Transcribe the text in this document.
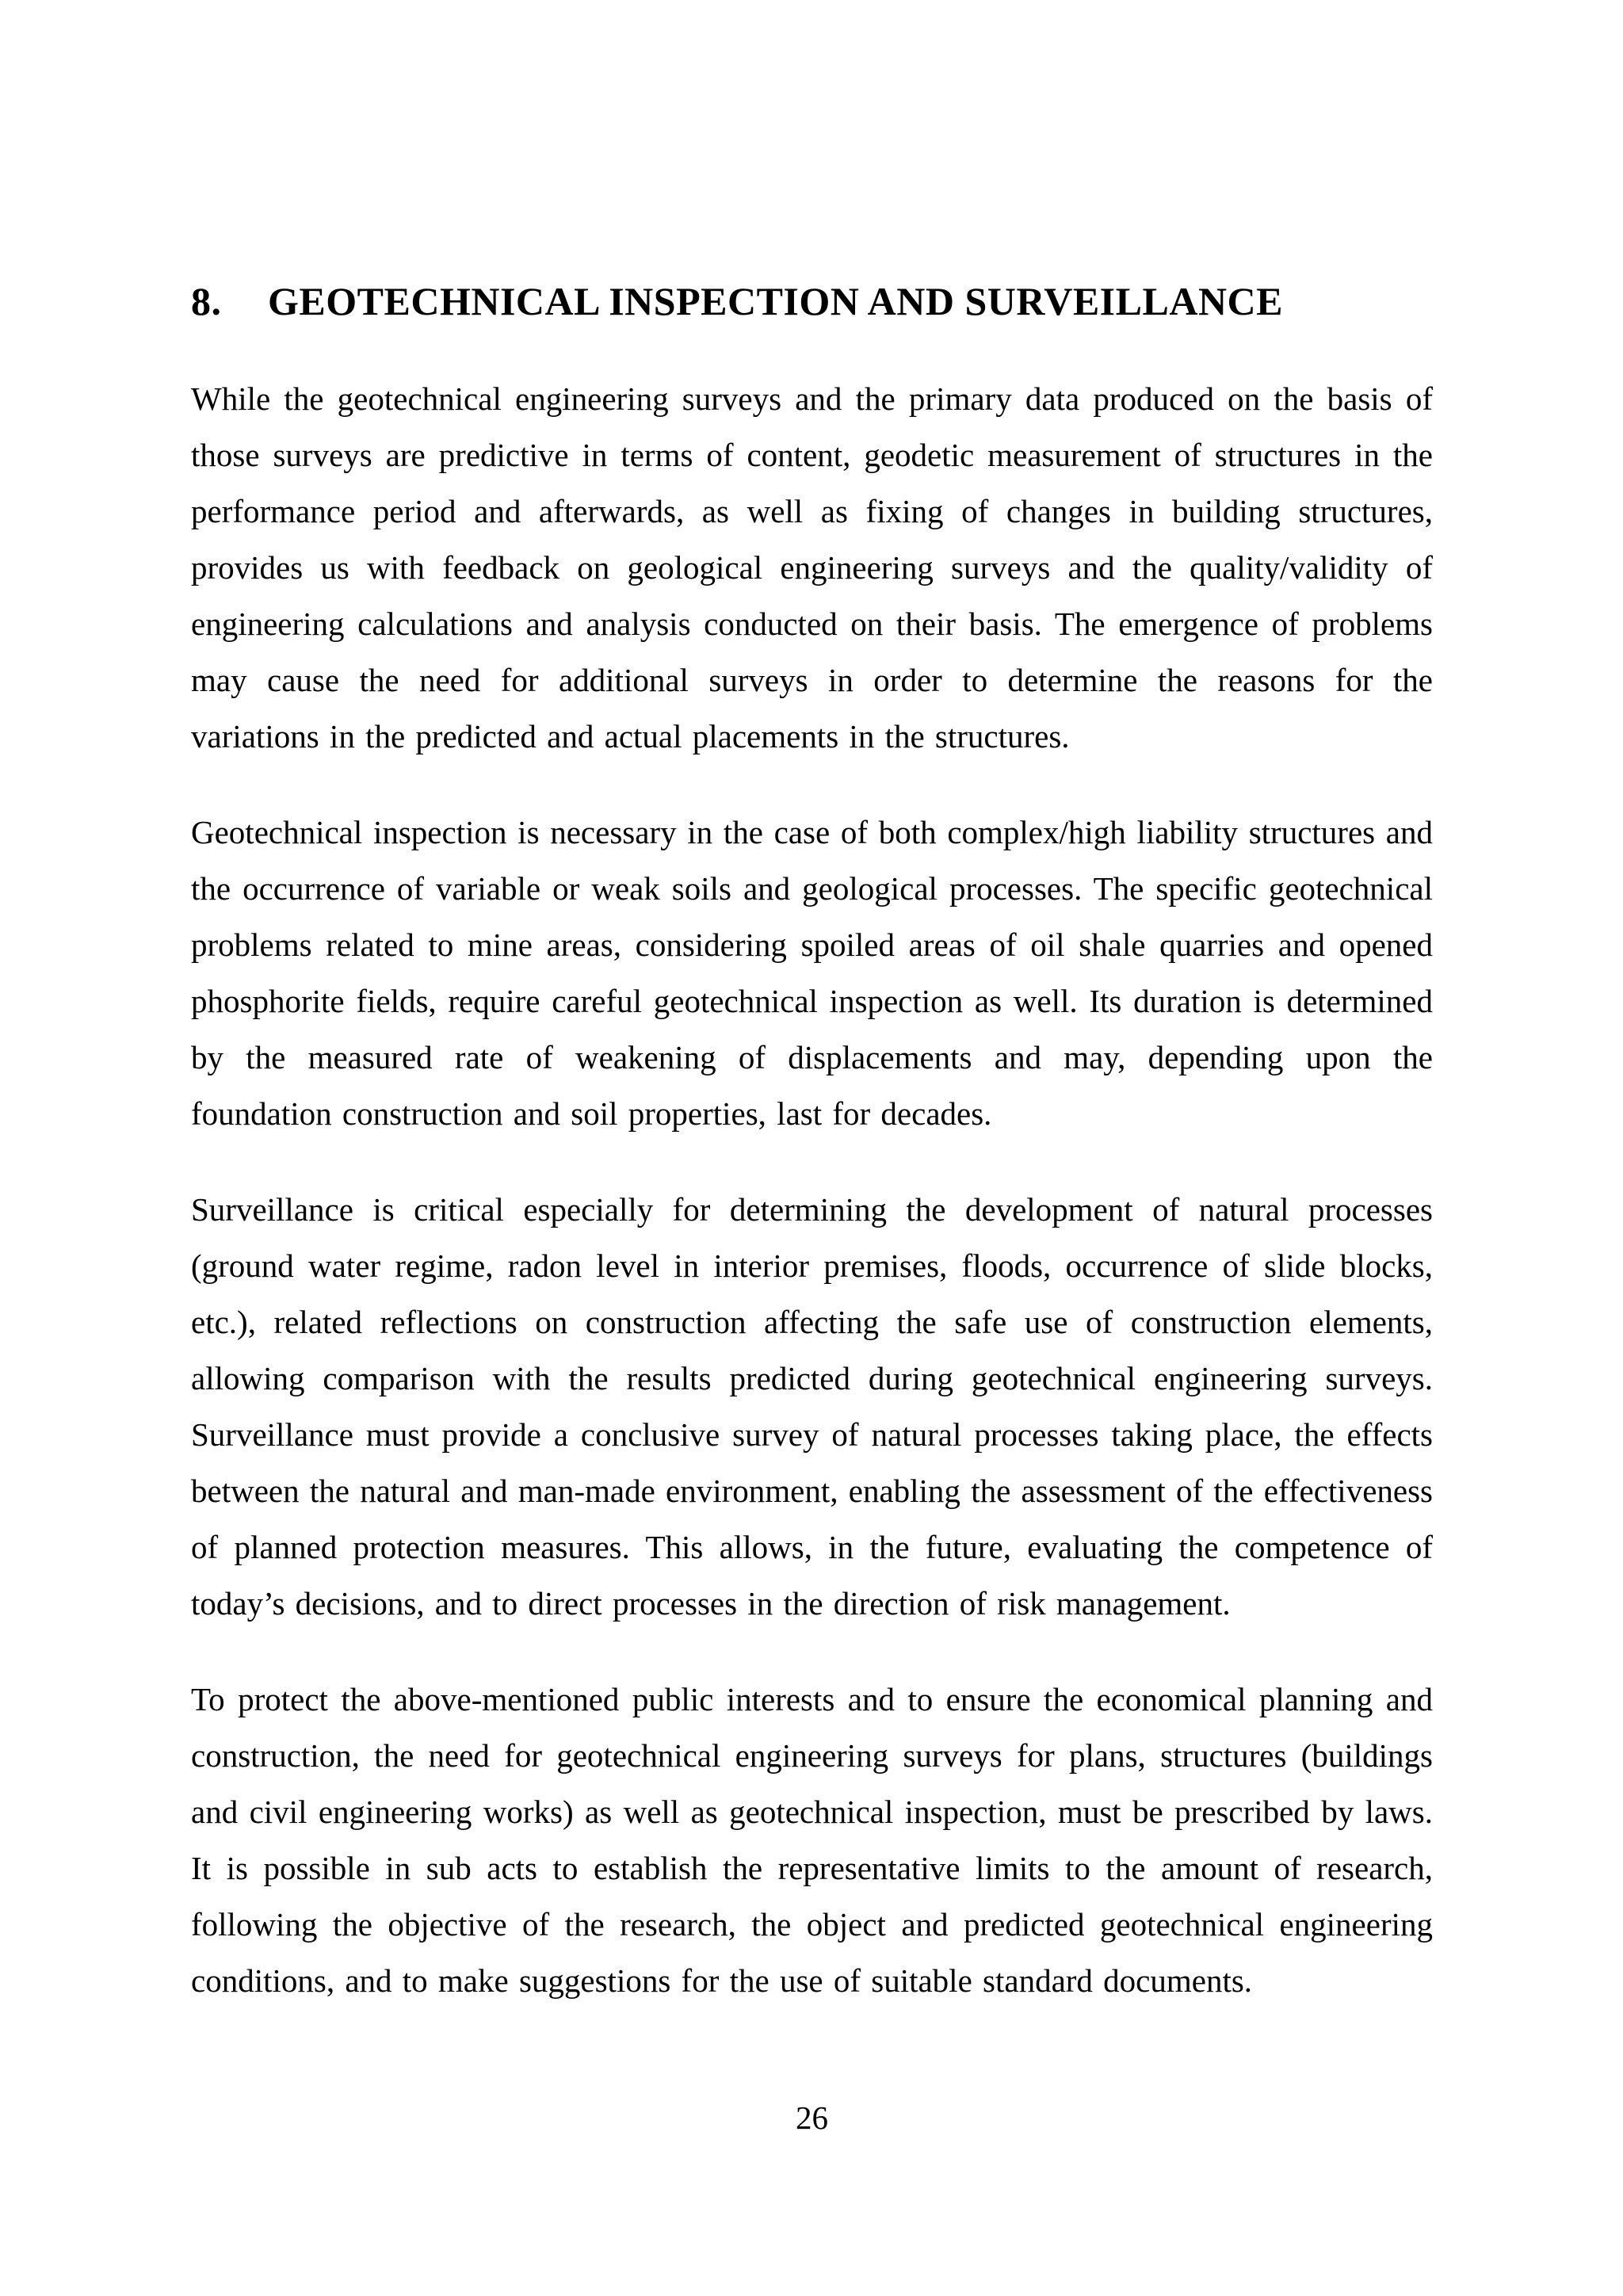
8.	GEOTECHNICAL INSPECTION AND SURVEILLANCE

While the geotechnical engineering surveys and the primary data produced on the basis of those surveys are predictive in terms of content, geodetic measurement of structures in the performance period and afterwards, as well as fixing of changes in building structures, provides us with feedback on geological engineering surveys and the quality/validity of engineering calculations and analysis conducted on their basis. The emergence of problems may cause the need for additional surveys in order to determine the reasons for the variations in the predicted and actual placements in the structures.

Geotechnical inspection is necessary in the case of both complex/high liability structures and the occurrence of variable or weak soils and geological processes. The specific geotechnical problems related to mine areas, considering spoiled areas of oil shale quarries and opened phosphorite fields, require careful geotechnical inspection as well. Its duration is determined by the measured rate of weakening of displacements and may, depending upon the foundation construction and soil properties, last for decades.

Surveillance is critical especially for determining the development of natural processes (ground water regime, radon level in interior premises, floods, occurrence of slide blocks, etc.), related reflections on construction affecting the safe use of construction elements, allowing comparison with the results predicted during geotechnical engineering surveys. Surveillance must provide a conclusive survey of natural processes taking place, the effects between the natural and man-made environment, enabling the assessment of the effectiveness of planned protection measures. This allows, in the future, evaluating the competence of today’s decisions, and to direct processes in the direction of risk management.

To protect the above-mentioned public interests and to ensure the economical planning and construction, the need for geotechnical engineering surveys for plans, structures (buildings and civil engineering works) as well as geotechnical inspection, must be prescribed by laws. It is possible in sub acts to establish the representative limits to the amount of research, following the objective of the research, the object and predicted geotechnical engineering conditions, and to make suggestions for the use of suitable standard documents.

26
